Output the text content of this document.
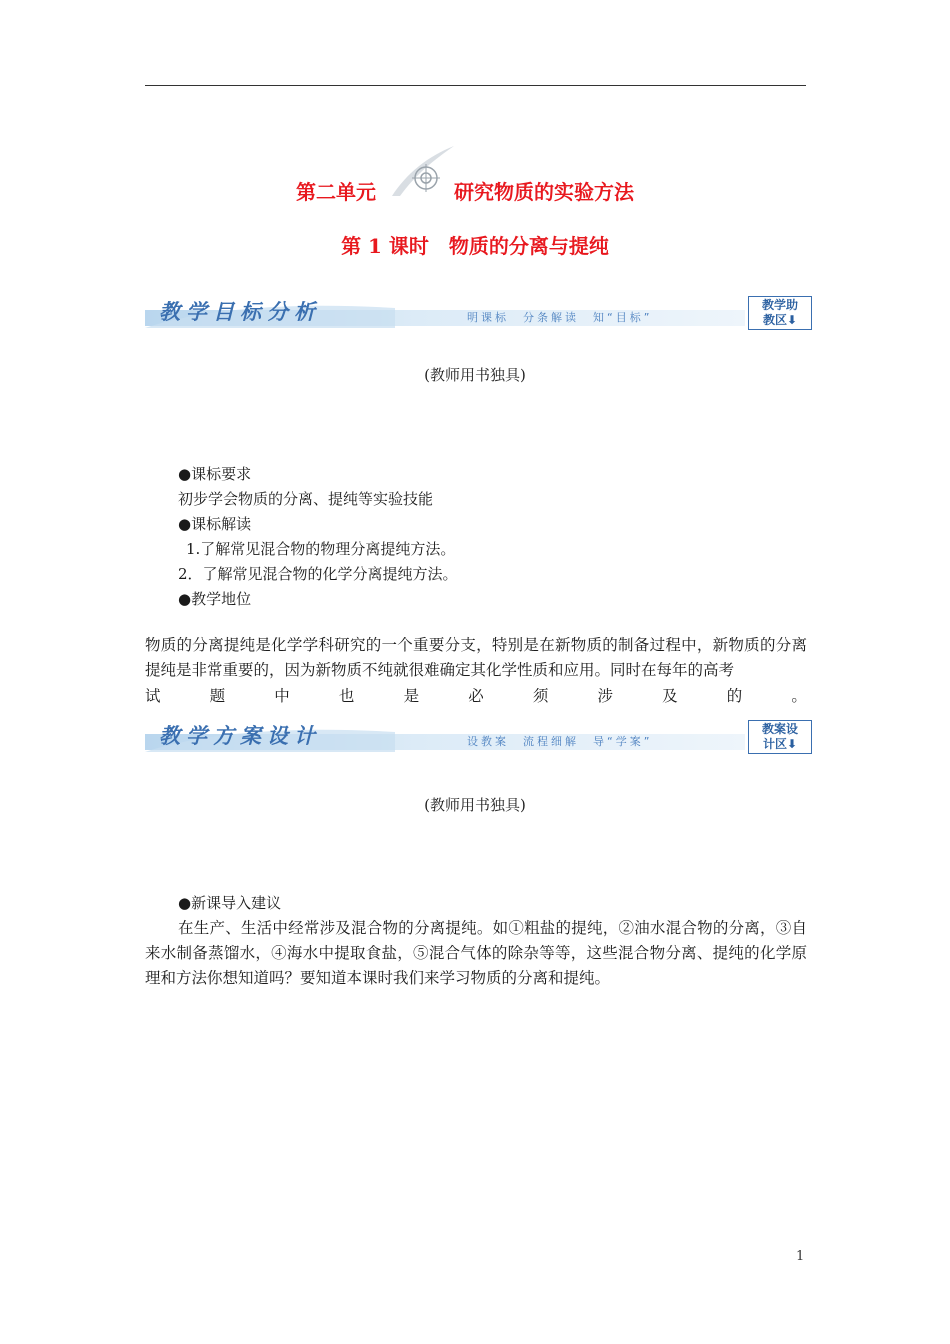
第二单元	研究物质的实验方法
第 1 课时　物质的分离与提纯
教学目标分析	明课标　分条解读　知“目标”
教学助
教区⬇
(教师用书独具)
●课标要求
初步学会物质的分离、提纯等实验技能
●课标解读
1.了解常见混合物的物理分离提纯方法。
2．了解常见混合物的化学分离提纯方法。
●教学地位
物质的分离提纯是化学学科研究的一个重要分支，特别是在新物质的制备过程中，新物质的分离提纯是非常重要的，因为新物质不纯就很难确定其化学性质和应用。同时在每年的高考
试	题	中	也	是	必	须	涉	及	的	。
教学方案设计	设教案　流程细解　导“学案”
教案设
计区⬇
(教师用书独具)
●新课导入建议
在生产、生活中经常涉及混合物的分离提纯。如①粗盐的提纯，②油水混合物的分离，③自来水制备蒸馏水，④海水中提取食盐，⑤混合气体的除杂等等，这些混合物分离、提纯的化学原理和方法你想知道吗？要知道本课时我们来学习物质的分离和提纯。
1
